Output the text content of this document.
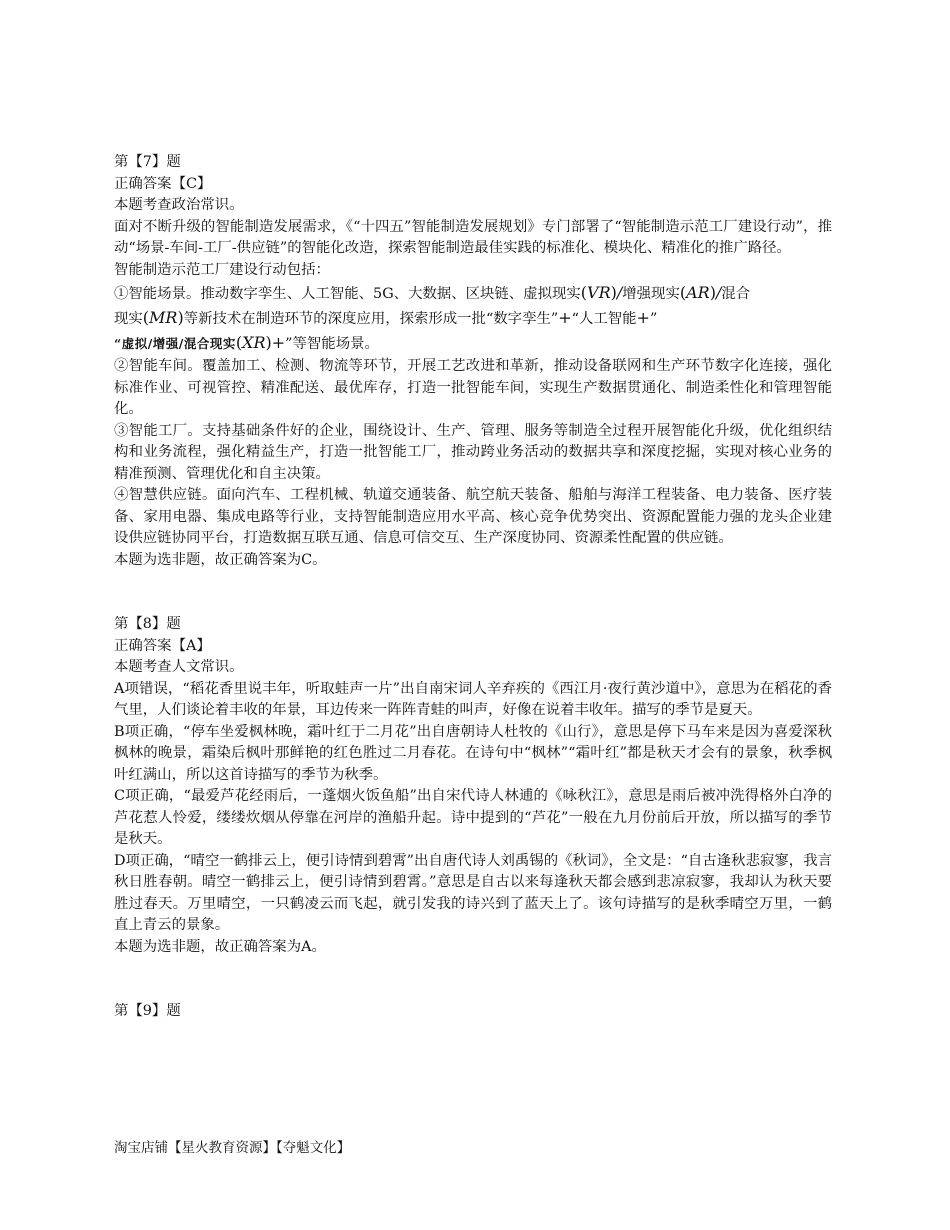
第【7】题

正确答案【C】

本题考查政治常识。

面对不断升级的智能制造发展需求，《“十四五”智能制造发展规划》专门部署了“智能制造示范工厂建设行动”，推动“场景-车间-工厂-供应链”的智能化改造，探索智能制造最佳实践的标准化、模块化、精准化的推广路径。

智能制造示范工厂建设行动包括：

①智能场景。推动数字孪生、人工智能、5G、大数据、区块链、虚拟现实(VR)/增强现实(AR)/混合

现实(MR)等新技术在制造环节的深度应用，探索形成一批“数字孪生”+“人工智能+”

“虚拟/增强/混合现实(XR)+”等智能场景。

②智能车间。覆盖加工、检测、物流等环节，开展工艺改进和革新，推动设备联网和生产环节数字化连接，强化标准作业、可视管控、精准配送、最优库存，打造一批智能车间，实现生产数据贯通化、制造柔性化和管理智能化。

③智能工厂。支持基础条件好的企业，围绕设计、生产、管理、服务等制造全过程开展智能化升级，优化组织结构和业务流程，强化精益生产，打造一批智能工厂，推动跨业务活动的数据共享和深度挖掘，实现对核心业务的精准预测、管理优化和自主决策。

④智慧供应链。面向汽车、工程机械、轨道交通装备、航空航天装备、船舶与海洋工程装备、电力装备、医疗装备、家用电器、集成电路等行业，支持智能制造应用水平高、核心竞争优势突出、资源配置能力强的龙头企业建设供应链协同平台，打造数据互联互通、信息可信交互、生产深度协同、资源柔性配置的供应链。

本题为选非题，故正确答案为C。

第【8】题

正确答案【A】

本题考查人文常识。

A项错误，“稻花香里说丰年，听取蛙声一片”出自南宋词人辛弃疾的《西江月·夜行黄沙道中》，意思为在稻花的香气里，人们谈论着丰收的年景，耳边传来一阵阵青蛙的叫声，好像在说着丰收年。描写的季节是夏天。

B项正确，“停车坐爱枫林晚，霜叶红于二月花”出自唐朝诗人杜牧的《山行》，意思是停下马车来是因为喜爱深秋枫林的晚景，霜染后枫叶那鲜艳的红色胜过二月春花。在诗句中“枫林”“霜叶红”都是秋天才会有的景象，秋季枫叶红满山，所以这首诗描写的季节为秋季。

C项正确，“最爱芦花经雨后，一蓬烟火饭鱼船”出自宋代诗人林逋的《咏秋江》，意思是雨后被冲洗得格外白净的芦花惹人怜爱，缕缕炊烟从停靠在河岸的渔船升起。诗中提到的“芦花”一般在九月份前后开放，所以描写的季节是秋天。

D项正确，“晴空一鹤排云上，便引诗情到碧霄”出自唐代诗人刘禹锡的《秋词》，全文是：“自古逢秋悲寂寥，我言秋日胜春朝。晴空一鹤排云上，便引诗情到碧霄。”意思是自古以来每逢秋天都会感到悲凉寂寥，我却认为秋天要胜过春天。万里晴空，一只鹤凌云而飞起，就引发我的诗兴到了蓝天上了。该句诗描写的是秋季晴空万里，一鹤直上青云的景象。

本题为选非题，故正确答案为A。

第【9】题

淘宝店铺【星火教育资源】【夺魁文化】
